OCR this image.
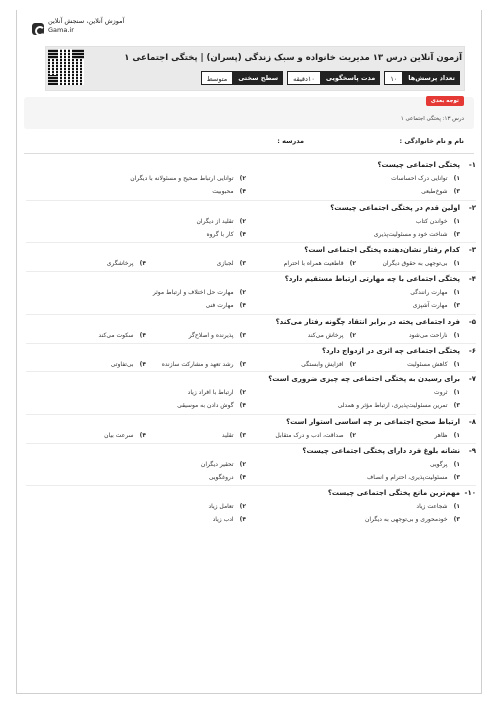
آموزش آنلاین، سنجش آنلاین
Gama.ir
آزمون آنلاین درس ۱۳ مدیریت خانواده و سبک زندگی (پسران) | پختگی اجتماعی ۱
تعداد پرسش‌ها
۱۰
مدت پاسخگویی
۱۰دقیقه
سطح سختی
متوسط
توجه بعدی
درس ۱۳: پختگی اجتماعی ۱
نام و نام خانوادگی :
مدرسه :
۱-
پختگی اجتماعی چیست؟
۱)توانایی درک احساسات
۲)توانایی ارتباط صحیح و مسئولانه با دیگران
۳)شوخ‌طبعی
۴)محبوبیت
۲-
اولین قدم در پختگی اجتماعی چیست؟
۱)خواندن کتاب
۲)تقلید از دیگران
۳)شناخت خود و مسئولیت‌پذیری
۴)کار با گروه
۳-
کدام رفتار نشان‌دهنده پختگی اجتماعی است؟
۱)بی‌توجهی به حقوق دیگران
۲)قاطعیت همراه با احترام
۳)لجبازی
۴)پرخاشگری
۴-
پختگی اجتماعی با چه مهارتی ارتباط مستقیم دارد؟
۱)مهارت رانندگی
۲)مهارت حل اختلاف و ارتباط موثر
۳)مهارت آشپزی
۴)مهارت فنی
۵-
فرد اجتماعی پخته در برابر انتقاد چگونه رفتار می‌کند؟
۱)ناراحت می‌شود
۲)پرخاش می‌کند
۳)پذیرنده و اصلاح‌گر
۴)سکوت می‌کند
۶-
پختگی اجتماعی چه اثری در ازدواج دارد؟
۱)کاهش مسئولیت
۲)افزایش وابستگی
۳)رشد تعهد و مشارکت سازنده
۴)بی‌تفاوتی
۷-
برای رسیدن به پختگی اجتماعی چه چیزی ضروری است؟
۱)ثروت
۲)ارتباط با افراد زیاد
۳)تمرین مسئولیت‌پذیری، ارتباط مؤثر و همدلی
۴)گوش دادن به موسیقی
۸-
ارتباط صحیح اجتماعی بر چه اساسی استوار است؟
۱)ظاهر
۲)صداقت، ادب و درک متقابل
۳)تقلید
۴)سرعت بیان
۹-
نشانه بلوغ فرد دارای پختگی اجتماعی چیست؟
۱)پرگویی
۲)تحقیر دیگران
۳)مسئولیت‌پذیری، احترام و انصاف
۴)دروغگویی
۱۰-
مهم‌ترین مانع پختگی اجتماعی چیست؟
۱)شجاعت زیاد
۲)تعامل زیاد
۳)خودمحوری و بی‌توجهی به دیگران
۴)ادب زیاد
